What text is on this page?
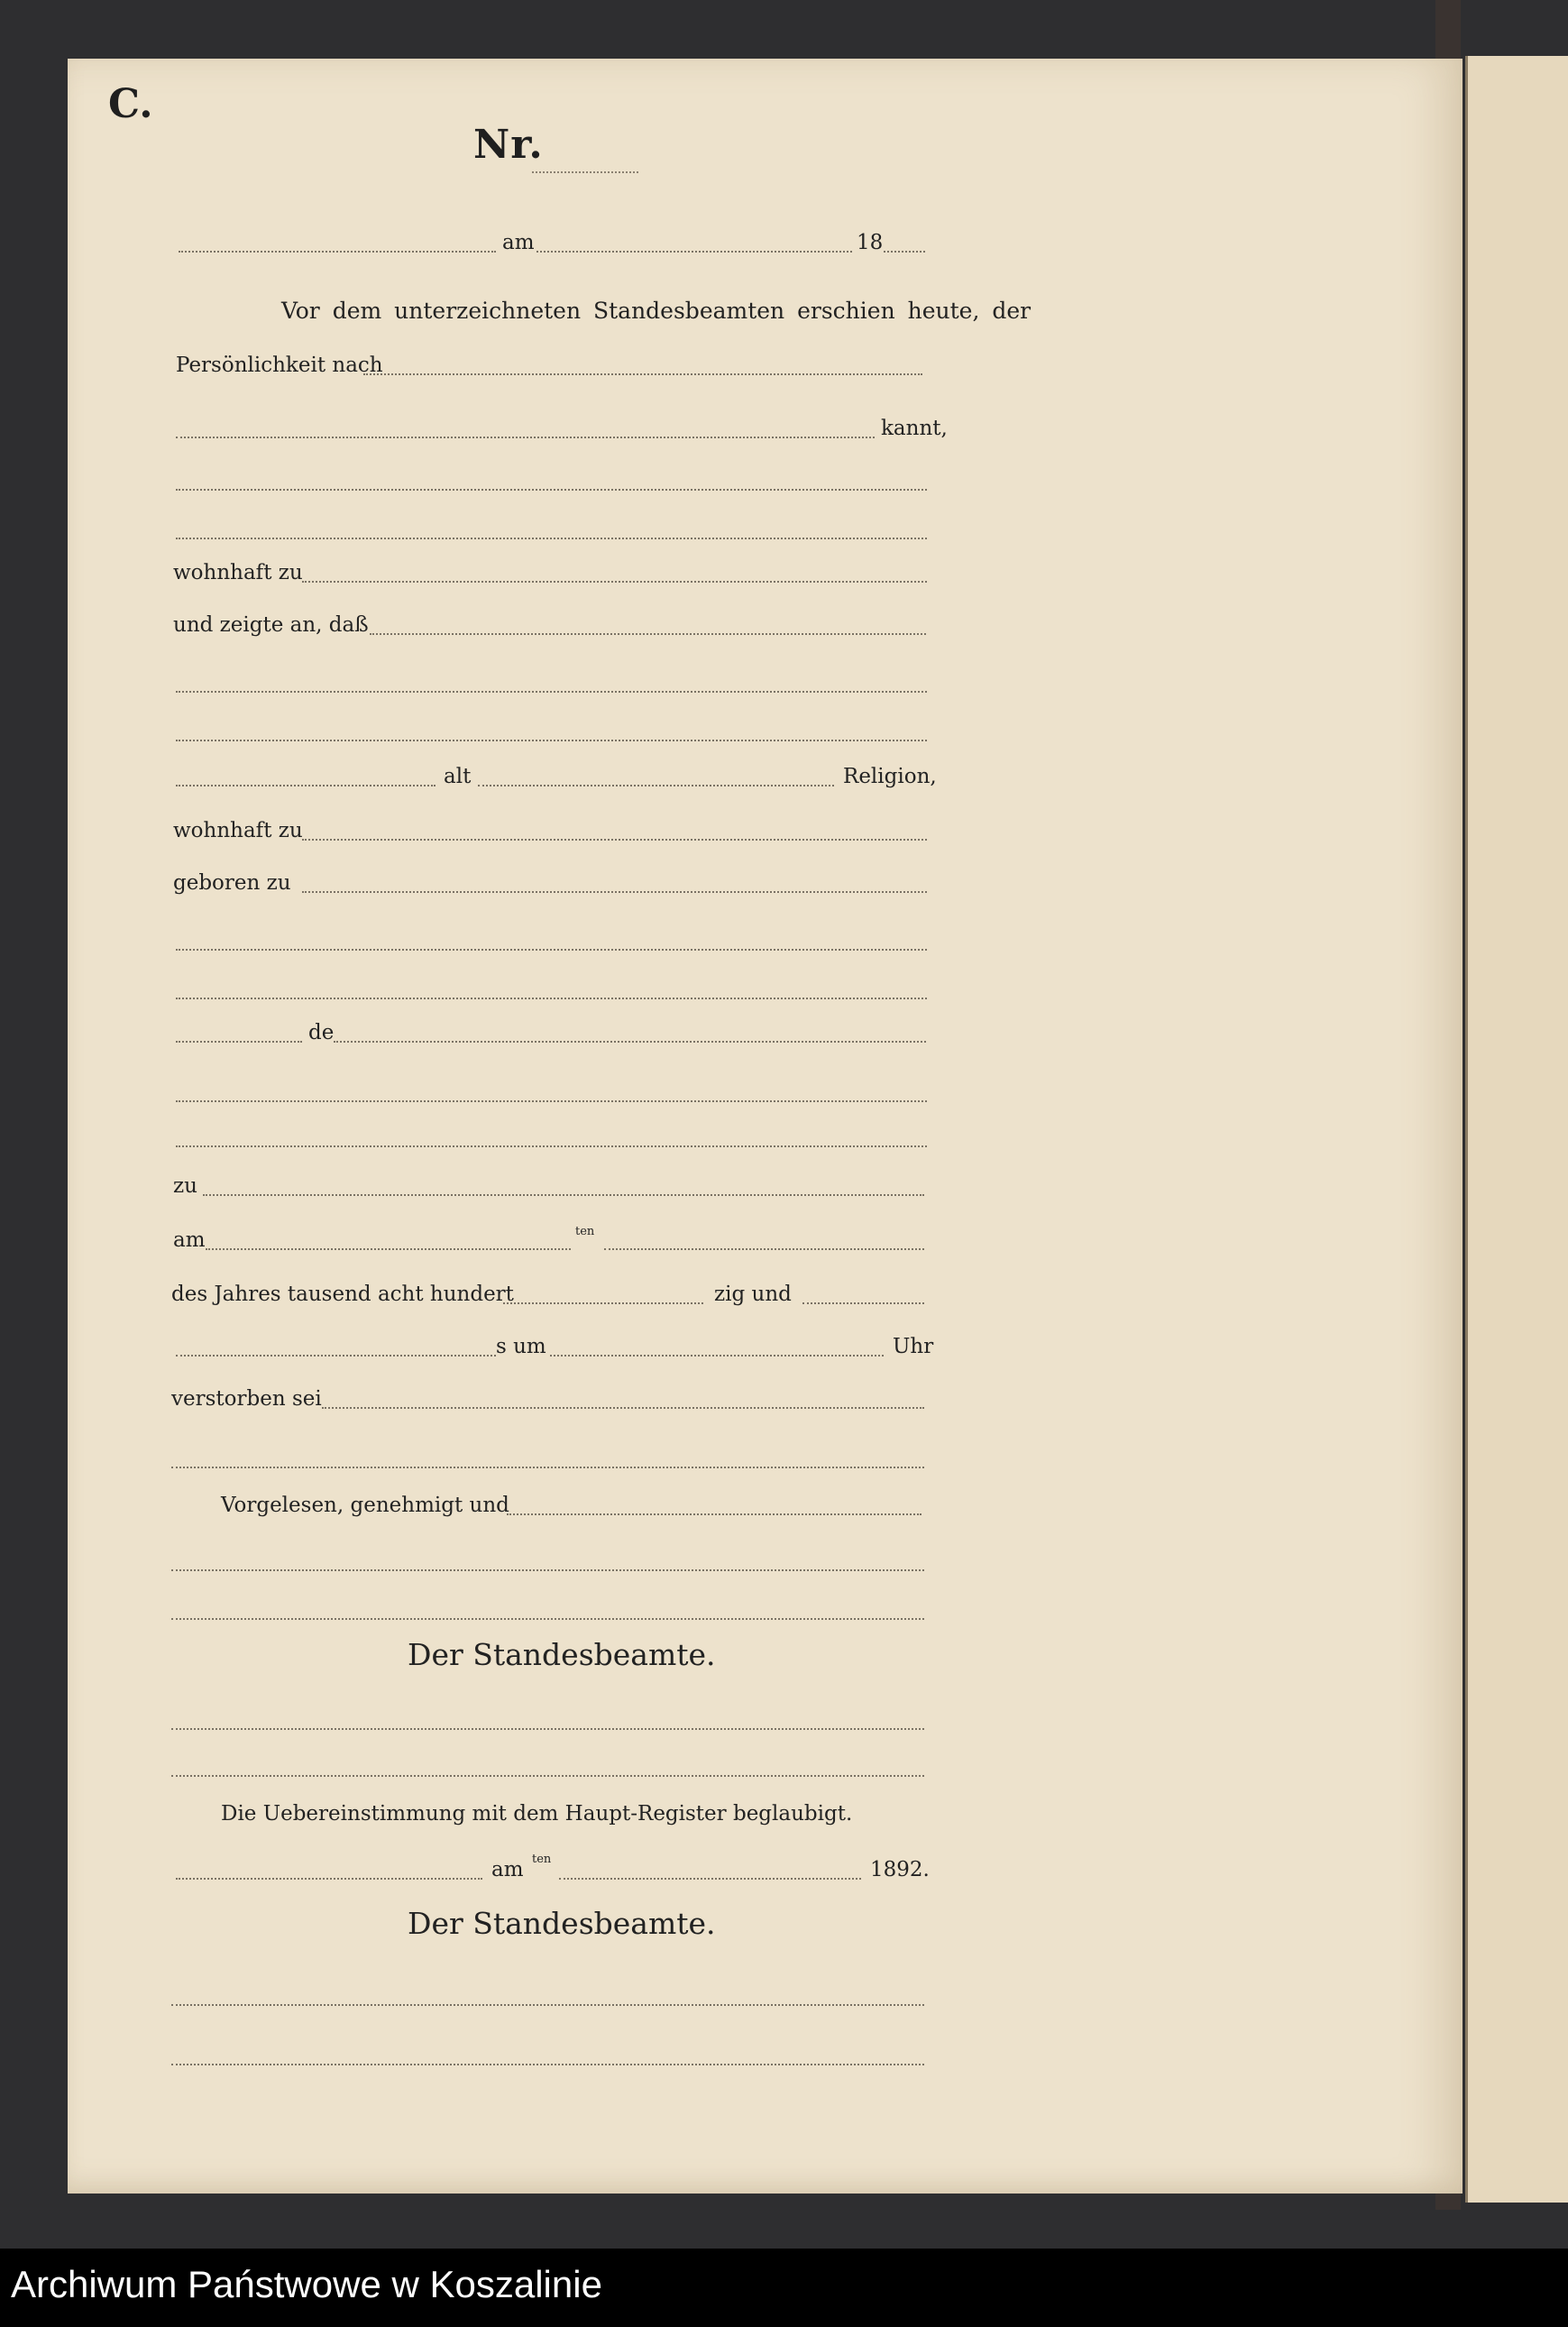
C.
Nr.
am	18
Vor dem unterzeichneten Standesbeamten erschien heute, der
Persönlichkeit nach
kannt,
wohnhaft zu
und zeigte an, daß
alt	Religion,
wohnhaft zu
geboren zu
de
zu
am	ten
des Jahres tausend acht hundert	zig und
s um	Uhr
verstorben sei
Vorgelesen, genehmigt und
Der Standesbeamte.
Die Uebereinstimmung mit dem Haupt-Register beglaubigt.
am ten	1892.
Der Standesbeamte.
Archiwum Państwowe w Koszalinie
